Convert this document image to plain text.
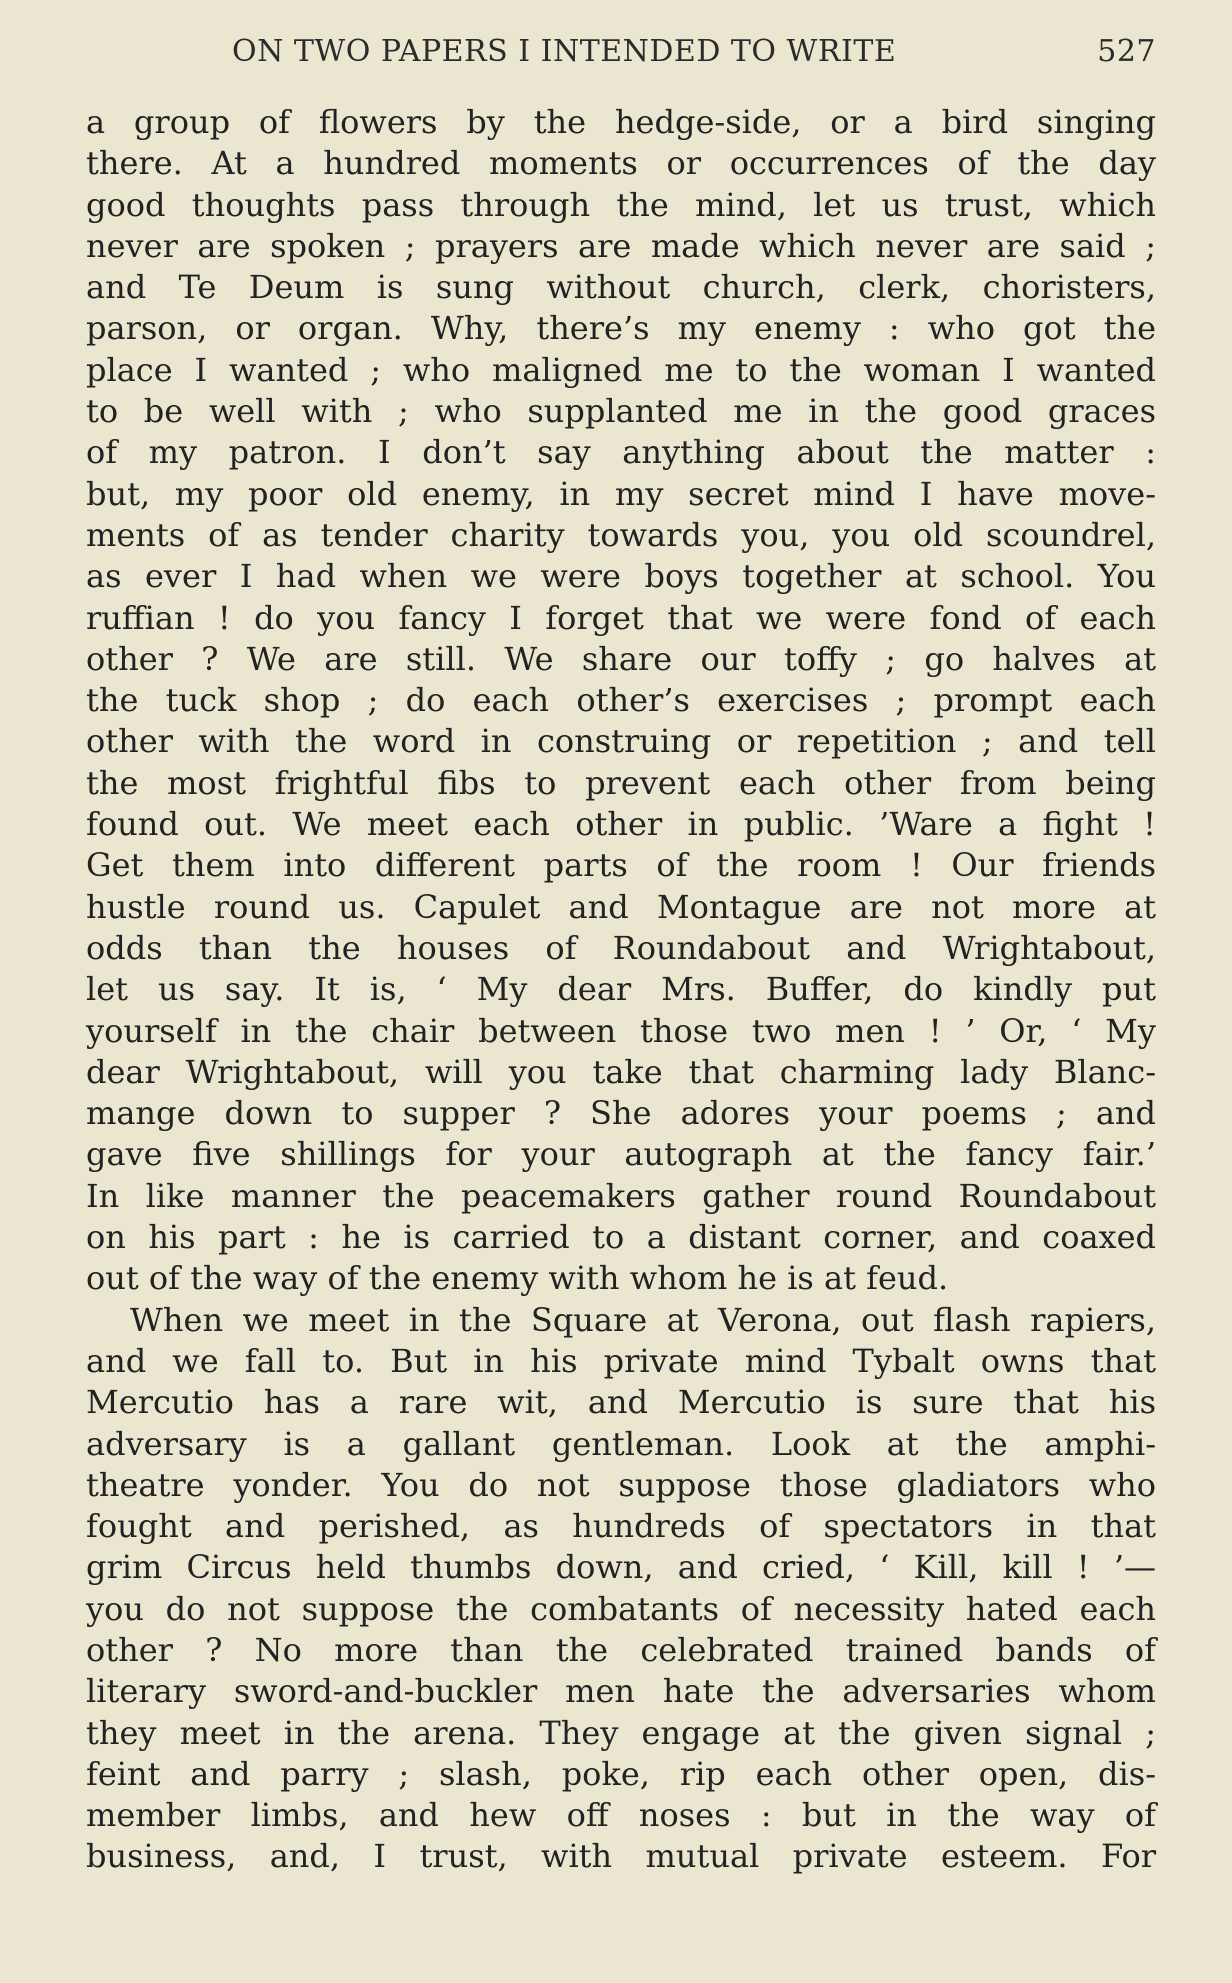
ON TWO PAPERS I INTENDED TO WRITE	527
a group of flowers by the hedge-side, or a bird singing
there. At a hundred moments or occurrences of the day
good thoughts pass through the mind, let us trust, which
never are spoken ; prayers are made which never are said ;
and Te Deum is sung without church, clerk, choristers,
parson, or organ. Why, there’s my enemy : who got the
place I wanted ; who maligned me to the woman I wanted
to be well with ; who supplanted me in the good graces
of my patron. I don’t say anything about the matter :
but, my poor old enemy, in my secret mind I have move-
ments of as tender charity towards you, you old scoundrel,
as ever I had when we were boys together at school. You
ruffian ! do you fancy I forget that we were fond of each
other ? We are still. We share our toffy ; go halves at
the tuck shop ; do each other’s exercises ; prompt each
other with the word in construing or repetition ; and tell
the most frightful fibs to prevent each other from being
found out. We meet each other in public. ’Ware a fight !
Get them into different parts of the room ! Our friends
hustle round us. Capulet and Montague are not more at
odds than the houses of Roundabout and Wrightabout,
let us say. It is, ‘ My dear Mrs. Buffer, do kindly put
yourself in the chair between those two men ! ’ Or, ‘ My
dear Wrightabout, will you take that charming lady Blanc-
mange down to supper ? She adores your poems ; and
gave five shillings for your autograph at the fancy fair.’
In like manner the peacemakers gather round Roundabout
on his part : he is carried to a distant corner, and coaxed
out of the way of the enemy with whom he is at feud.
When we meet in the Square at Verona, out flash rapiers,
and we fall to. But in his private mind Tybalt owns that
Mercutio has a rare wit, and Mercutio is sure that his
adversary is a gallant gentleman. Look at the amphi-
theatre yonder. You do not suppose those gladiators who
fought and perished, as hundreds of spectators in that
grim Circus held thumbs down, and cried, ‘ Kill, kill ! ’—
you do not suppose the combatants of necessity hated each
other ? No more than the celebrated trained bands of
literary sword-and-buckler men hate the adversaries whom
they meet in the arena. They engage at the given signal ;
feint and parry ; slash, poke, rip each other open, dis-
member limbs, and hew off noses : but in the way of
business, and, I trust, with mutual private esteem. For
